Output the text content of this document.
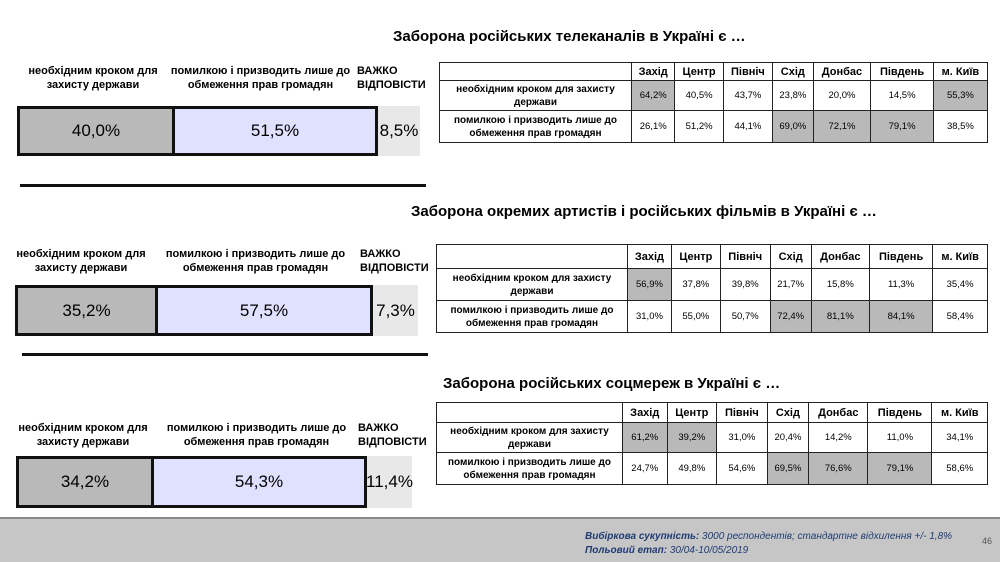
Заборона російських телеканалів в Україні є …
необхідним кроком для захисту держави
помилкою і призводить лише до обмеження прав громадян
ВАЖКО ВІДПОВІСТИ
40,0%	51,5%	8,5%
	Захід	Центр	Північ	Схід	Донбас	Південь	м. Київ
необхідним кроком для захисту держави	64,2%	40,5%	43,7%	23,8%	20,0%	14,5%	55,3%
помилкою і призводить лише до обмеження прав громадян	26,1%	51,2%	44,1%	69,0%	72,1%	79,1%	38,5%
Заборона окремих артистів і російських фільмів в Україні є …
необхідним кроком для захисту держави
помилкою і призводить лише до обмеження прав громадян
ВАЖКО ВІДПОВІСТИ
35,2%	57,5%	7,3%
	Захід	Центр	Північ	Схід	Донбас	Південь	м. Київ
необхідним кроком для захисту держави	56,9%	37,8%	39,8%	21,7%	15,8%	11,3%	35,4%
помилкою і призводить лише до обмеження прав громадян	31,0%	55,0%	50,7%	72,4%	81,1%	84,1%	58,4%
Заборона російських соцмереж в Україні є …
необхідним кроком для захисту держави
помилкою і призводить лише до обмеження прав громадян
ВАЖКО ВІДПОВІСТИ
34,2%	54,3%	11,4%
	Захід	Центр	Північ	Схід	Донбас	Південь	м. Київ
необхідним кроком для захисту держави	61,2%	39,2%	31,0%	20,4%	14,2%	11,0%	34,1%
помилкою і призводить лише до обмеження прав громадян	24,7%	49,8%	54,6%	69,5%	76,6%	79,1%	58,6%
Вибіркова сукупність: 3000 респондентів; стандартне відхилення +/- 1,8%
Польовий етап: 30/04-10/05/2019
46
